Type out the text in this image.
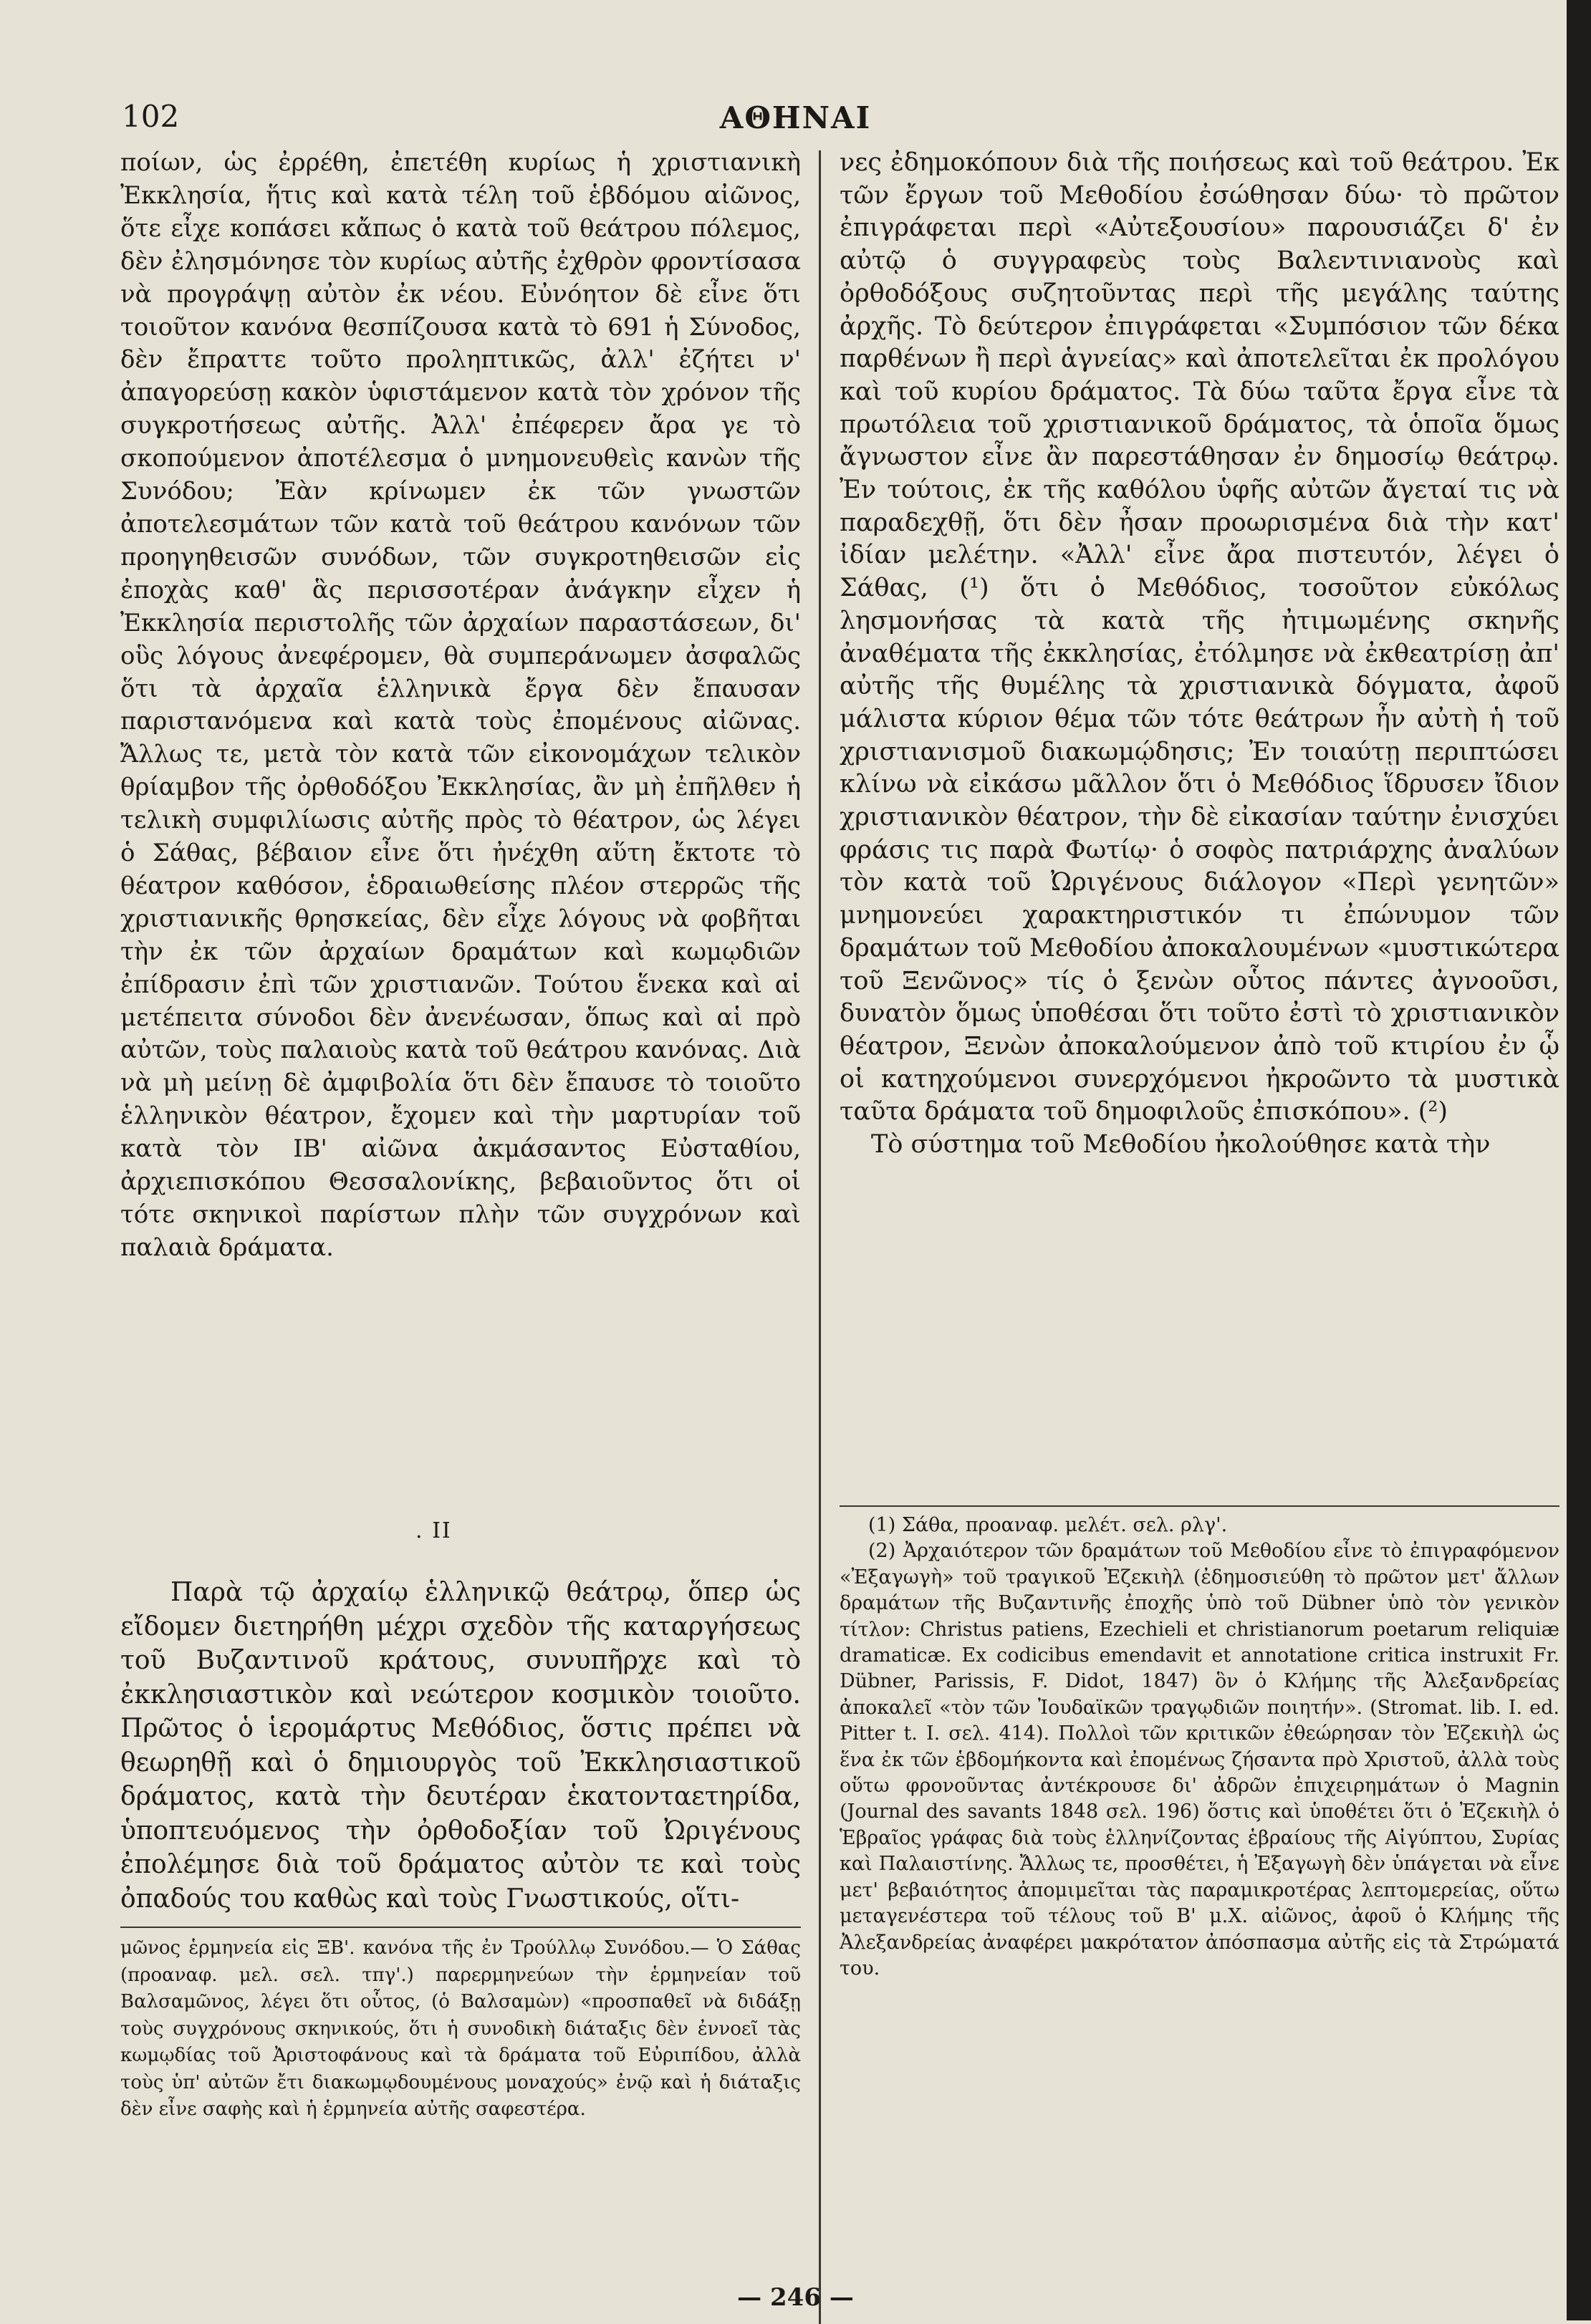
102	ΑΘΗΝΑΙ

ποίων, ὡς ἐρρέθη, ἐπετέθη κυρίως ἡ χριστιανικὴ Ἐκκλησία, ἥτις καὶ κατὰ τέλη τοῦ ἑβδόμου αἰῶνος, ὅτε εἶχε κοπάσει κἄπως ὁ κατὰ τοῦ θεάτρου πόλεμος, δὲν ἐλησμόνησε τὸν κυρίως αὐτῆς ἐχθρὸν φροντίσασα νὰ προγράψῃ αὐτὸν ἐκ νέου. Εὐνόητον δὲ εἶνε ὅτι τοιοῦτον κανόνα θεσπίζουσα κατὰ τὸ 691 ἡ Σύνοδος, δὲν ἔπραττε τοῦτο προληπτικῶς, ἀλλ' ἐζήτει ν' ἀπαγορεύσῃ κακὸν ὑφιστάμενον κατὰ τὸν χρόνον τῆς συγκροτήσεως αὐτῆς. Ἀλλ' ἐπέφερεν ἄρα γε τὸ σκοπούμενον ἀποτέλεσμα ὁ μνημονευθεὶς κανὼν τῆς Συνόδου; Ἐὰν κρίνωμεν ἐκ τῶν γνωστῶν ἀποτελεσμάτων τῶν κατὰ τοῦ θεάτρου κανόνων τῶν προηγηθεισῶν συνόδων, τῶν συγκροτηθεισῶν εἰς ἐποχὰς καθ' ἃς περισσοτέραν ἀνάγκην εἶχεν ἡ Ἐκκλησία περιστολῆς τῶν ἀρχαίων παραστάσεων, δι' οὓς λόγους ἀνεφέρομεν, θὰ συμπεράνωμεν ἀσφαλῶς ὅτι τὰ ἀρχαῖα ἑλληνικὰ ἔργα δὲν ἔπαυσαν παριστανόμενα καὶ κατὰ τοὺς ἐπομένους αἰῶνας. Ἄλλως τε, μετὰ τὸν κατὰ τῶν εἰκονομάχων τελικὸν θρίαμβον τῆς ὀρθοδόξου Ἐκκλησίας, ἂν μὴ ἐπῆλθεν ἡ τελικὴ συμφιλίωσις αὐτῆς πρὸς τὸ θέατρον, ὡς λέγει ὁ Σάθας, βέβαιον εἶνε ὅτι ἠνέχθη αὕτη ἔκτοτε τὸ θέατρον καθόσον, ἑδραιωθείσης πλέον στερρῶς τῆς χριστιανικῆς θρησκείας, δὲν εἶχε λόγους νὰ φοβῆται τὴν ἐκ τῶν ἀρχαίων δραμάτων καὶ κωμῳδιῶν ἐπίδρασιν ἐπὶ τῶν χριστιανῶν. Τούτου ἕνεκα καὶ αἱ μετέπειτα σύνοδοι δὲν ἀνενέωσαν, ὅπως καὶ αἱ πρὸ αὐτῶν, τοὺς παλαιοὺς κατὰ τοῦ θεάτρου κανόνας. Διὰ νὰ μὴ μείνῃ δὲ ἀμφιβολία ὅτι δὲν ἔπαυσε τὸ τοιοῦτο ἑλληνικὸν θέατρον, ἔχομεν καὶ τὴν μαρτυρίαν τοῦ κατὰ τὸν ΙΒ' αἰῶνα ἀκμάσαντος Εὐσταθίου, ἀρχιεπισκόπου Θεσσαλονίκης, βεβαιοῦντος ὅτι οἱ τότε σκηνικοὶ παρίστων πλὴν τῶν συγχρόνων καὶ παλαιὰ δράματα.

. II

Παρὰ τῷ ἀρχαίῳ ἑλληνικῷ θεάτρῳ, ὅπερ ὡς εἴδομεν διετηρήθη μέχρι σχεδὸν τῆς καταργήσεως τοῦ Βυζαντινοῦ κράτους, συνυπῆρχε καὶ τὸ ἐκκλησιαστικὸν καὶ νεώτερον κοσμικὸν τοιοῦτο. Πρῶτος ὁ ἱερομάρτυς Μεθόδιος, ὅστις πρέπει νὰ θεωρηθῇ καὶ ὁ δημιουργὸς τοῦ Ἐκκλησιαστικοῦ δράματος, κατὰ τὴν δευτέραν ἑκατονταετηρίδα, ὑποπτευόμενος τὴν ὀρθοδοξίαν τοῦ Ὠριγένους ἐπολέμησε διὰ τοῦ δράματος αὐτὸν τε καὶ τοὺς ὀπαδούς του καθὼς καὶ τοὺς Γνωστικούς, οἵτι-

μῶνος ἑρμηνεία εἰς ΞΒ'. κανόνα τῆς ἐν Τρούλλῳ Συνόδου.— Ὁ Σάθας (προαναφ. μελ. σελ. τπγ'.) παρερμηνεύων τὴν ἑρμηνείαν τοῦ Βαλσαμῶνος, λέγει ὅτι οὗτος, (ὁ Βαλσαμὼν) «προσπαθεῖ νὰ διδάξῃ τοὺς συγχρόνους σκηνικούς, ὅτι ἡ συνοδικὴ διάταξις δὲν ἐννοεῖ τὰς κωμῳδίας τοῦ Ἀριστοφάνους καὶ τὰ δράματα τοῦ Εὐριπίδου, ἀλλὰ τοὺς ὑπ' αὐτῶν ἔτι διακωμῳδουμένους μοναχούς» ἐνῷ καὶ ἡ διάταξις δὲν εἶνε σαφὴς καὶ ἡ ἑρμηνεία αὐτῆς σαφεστέρα.

νες ἐδημοκόπουν διὰ τῆς ποιήσεως καὶ τοῦ θεάτρου. Ἐκ τῶν ἔργων τοῦ Μεθοδίου ἐσώθησαν δύω· τὸ πρῶτον ἐπιγράφεται περὶ «Αὐτεξουσίου» παρουσιάζει δ' ἐν αὐτῷ ὁ συγγραφεὺς τοὺς Βαλεντινιανοὺς καὶ ὀρθοδόξους συζητοῦντας περὶ τῆς μεγάλης ταύτης ἀρχῆς. Τὸ δεύτερον ἐπιγράφεται «Συμπόσιον τῶν δέκα παρθένων ἢ περὶ ἁγνείας» καὶ ἀποτελεῖται ἐκ προλόγου καὶ τοῦ κυρίου δράματος. Τὰ δύω ταῦτα ἔργα εἶνε τὰ πρωτόλεια τοῦ χριστιανικοῦ δράματος, τὰ ὁποῖα ὅμως ἄγνωστον εἶνε ἂν παρεστάθησαν ἐν δημοσίῳ θεάτρῳ. Ἐν τούτοις, ἐκ τῆς καθόλου ὑφῆς αὐτῶν ἄγεταί τις νὰ παραδεχθῇ, ὅτι δὲν ἦσαν προωρισμένα διὰ τὴν κατ' ἰδίαν μελέτην. «Ἀλλ' εἶνε ἄρα πιστευτόν, λέγει ὁ Σάθας, (¹) ὅτι ὁ Μεθόδιος, τοσοῦτον εὐκόλως λησμονήσας τὰ κατὰ τῆς ἠτιμωμένης σκηνῆς ἀναθέματα τῆς ἐκκλησίας, ἐτόλμησε νὰ ἐκθεατρίσῃ ἀπ' αὐτῆς τῆς θυμέλης τὰ χριστιανικὰ δόγματα, ἀφοῦ μάλιστα κύριον θέμα τῶν τότε θεάτρων ἦν αὐτὴ ἡ τοῦ χριστιανισμοῦ διακωμῴδησις; Ἐν τοιαύτῃ περιπτώσει κλίνω νὰ εἰκάσω μᾶλλον ὅτι ὁ Μεθόδιος ἵδρυσεν ἴδιον χριστιανικὸν θέατρον, τὴν δὲ εἰκασίαν ταύτην ἐνισχύει φράσις τις παρὰ Φωτίῳ· ὁ σοφὸς πατριάρχης ἀναλύων τὸν κατὰ τοῦ Ὠριγένους διάλογον «Περὶ γενητῶν» μνημονεύει χαρακτηριστικόν τι ἐπώνυμον τῶν δραμάτων τοῦ Μεθοδίου ἀποκαλουμένων «μυστικώτερα τοῦ Ξενῶνος» τίς ὁ ξενὼν οὗτος πάντες ἀγνοοῦσι, δυνατὸν ὅμως ὑποθέσαι ὅτι τοῦτο ἐστὶ τὸ χριστιανικὸν θέατρον, Ξενὼν ἀποκαλούμενον ἀπὸ τοῦ κτιρίου ἐν ᾧ οἱ κατηχούμενοι συνερχόμενοι ἠκροῶντο τὰ μυστικὰ ταῦτα δράματα τοῦ δημοφιλοῦς ἐπισκόπου». (²)

Τὸ σύστημα τοῦ Μεθοδίου ἠκολούθησε κατὰ τὴν

(1) Σάθα, προαναφ. μελέτ. σελ. ρλγ'.

(2) Ἀρχαιότερον τῶν δραμάτων τοῦ Μεθοδίου εἶνε τὸ ἐπιγραφόμενον «Ἐξαγωγὴ» τοῦ τραγικοῦ Ἐζεκιὴλ (ἐδημοσιεύθη τὸ πρῶτον μετ' ἄλλων δραμάτων τῆς Βυζαντινῆς ἐποχῆς ὑπὸ τοῦ Dübner ὑπὸ τὸν γενικὸν τίτλον: Christus patiens, Ezechieli et christianorum poetarum reliquiæ dramaticæ. Ex codicibus emendavit et annotatione critica instruxit Fr. Dübner, Parissis, F. Didot, 1847) ὃν ὁ Κλήμης τῆς Ἀλεξανδρείας ἀποκαλεῖ «τὸν τῶν Ἰουδαϊκῶν τραγῳδιῶν ποιητήν». (Stromat. lib. I. ed. Pitter t. I. σελ. 414). Πολλοὶ τῶν κριτικῶν ἐθεώρησαν τὸν Ἐζεκιὴλ ὡς ἕνα ἐκ τῶν ἑβδομήκοντα καὶ ἐπομένως ζήσαντα πρὸ Χριστοῦ, ἀλλὰ τοὺς οὕτω φρονοῦντας ἀντέκρουσε δι' ἀδρῶν ἐπιχειρημάτων ὁ Magnin (Journal des savants 1848 σελ. 196) ὅστις καὶ ὑποθέτει ὅτι ὁ Ἐζεκιὴλ ὁ Ἑβραῖος γράφας διὰ τοὺς ἑλληνίζοντας ἑβραίους τῆς Αἰγύπτου, Συρίας καὶ Παλαιστίνης. Ἄλλως τε, προσθέτει, ἡ Ἐξαγωγὴ δὲν ὑπάγεται νὰ εἶνε μετ' βεβαιότητος ἀπομιμεῖται τὰς παραμικροτέρας λεπτομερείας, οὕτω μεταγενέστερα τοῦ τέλους τοῦ Β' μ.Χ. αἰῶνος, ἀφοῦ ὁ Κλήμης τῆς Ἀλεξανδρείας ἀναφέρει μακρότατον ἀπόσπασμα αὐτῆς εἰς τὰ Στρώματά του.

— 246 —
